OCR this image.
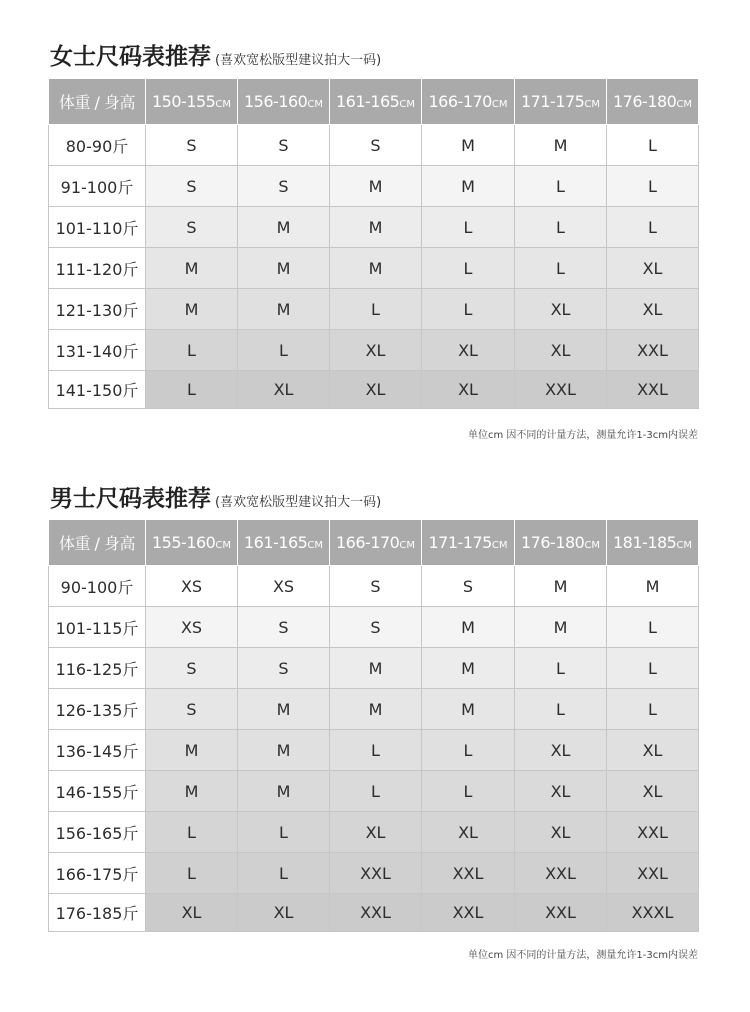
女士尺码表推荐 (喜欢宽松版型建议拍大一码)
体重 / 身高	150-155CM	156-160CM	161-165CM	166-170CM	171-175CM	176-180CM
80-90斤	S	S	S	M	M	L
91-100斤	S	S	M	M	L	L
101-110斤	S	M	M	L	L	L
111-120斤	M	M	M	L	L	XL
121-130斤	M	M	L	L	XL	XL
131-140斤	L	L	XL	XL	XL	XXL
141-150斤	L	XL	XL	XL	XXL	XXL
单位cm 因不同的计量方法，测量允许1-3cm内误差
男士尺码表推荐 (喜欢宽松版型建议拍大一码)
体重 / 身高	155-160CM	161-165CM	166-170CM	171-175CM	176-180CM	181-185CM
90-100斤	XS	XS	S	S	M	M
101-115斤	XS	S	S	M	M	L
116-125斤	S	S	M	M	L	L
126-135斤	S	M	M	M	L	L
136-145斤	M	M	L	L	XL	XL
146-155斤	M	M	L	L	XL	XL
156-165斤	L	L	XL	XL	XL	XXL
166-175斤	L	L	XXL	XXL	XXL	XXL
176-185斤	XL	XL	XXL	XXL	XXL	XXXL
单位cm 因不同的计量方法，测量允许1-3cm内误差
